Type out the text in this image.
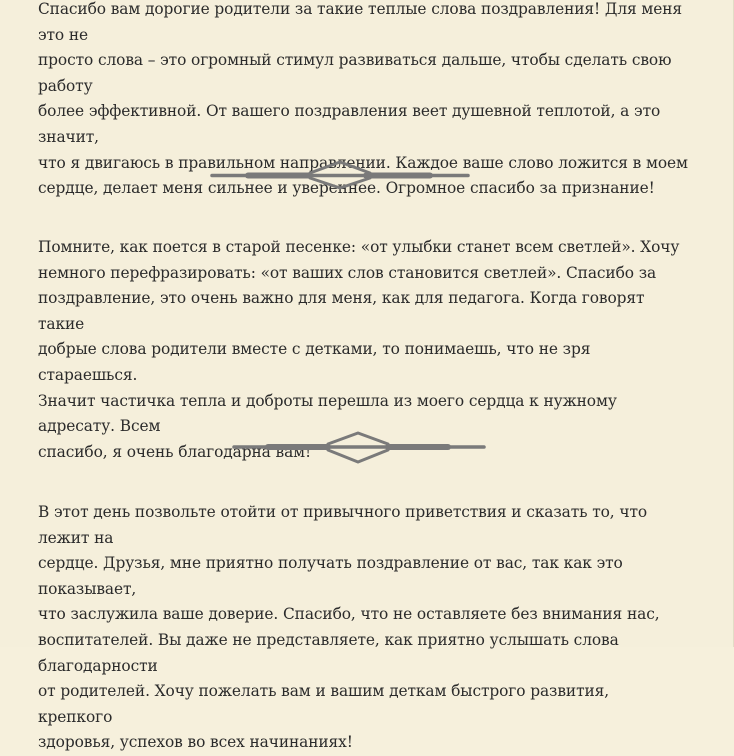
Спасибо вам дорогие родители за такие теплые слова поздравления! Для меня это не
просто слова – это огромный стимул развиваться дальше, чтобы сделать свою работу
более эффективной. От вашего поздравления веет душевной теплотой, а это значит,
что я двигаюсь в правильном направлении. Каждое ваше слово ложится в моем
сердце, делает меня сильнее и увереннее. Огромное спасибо за признание!

Помните, как поется в старой песенке: «от улыбки станет всем светлей». Хочу
немного перефразировать: «от ваших слов становится светлей». Спасибо за
поздравление, это очень важно для меня, как для педагога. Когда говорят такие
добрые слова родители вместе с детками, то понимаешь, что не зря стараешься.
Значит частичка тепла и доброты перешла из моего сердца к нужному адресату. Всем
спасибо, я очень благодарна вам!

В этот день позвольте отойти от привычного приветствия и сказать то, что лежит на
сердце. Друзья, мне приятно получать поздравление от вас, так как это показывает,
что заслужила ваше доверие. Спасибо, что не оставляете без внимания нас,
воспитателей. Вы даже не представляете, как приятно услышать слова благодарности
от родителей. Хочу пожелать вам и вашим деткам быстрого развития, крепкого
здоровья, успехов во всех начинаниях!
